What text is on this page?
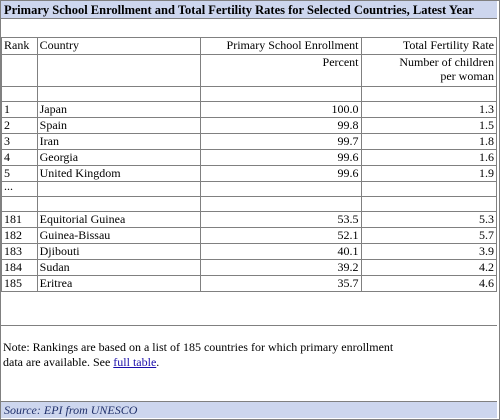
Primary School Enrollment and Total Fertility Rates for Selected Countries, Latest Year
Rank	Country	Primary School Enrollment	Total Fertility Rate
		Percent	Number of children
per woman

1	Japan	100.0	1.3
2	Spain	99.8	1.5
3	Iran	99.7	1.8
4	Georgia	99.6	1.6
5	United Kingdom	99.6	1.9
...			

181	Equitorial Guinea	53.5	5.3
182	Guinea-Bissau	52.1	5.7
183	Djibouti	40.1	3.9
184	Sudan	39.2	4.2
185	Eritrea	35.7	4.6
Note: Rankings are based on a list of 185 countries for which primary enrollment
data are available. See full table.
Source: EPI from UNESCO
